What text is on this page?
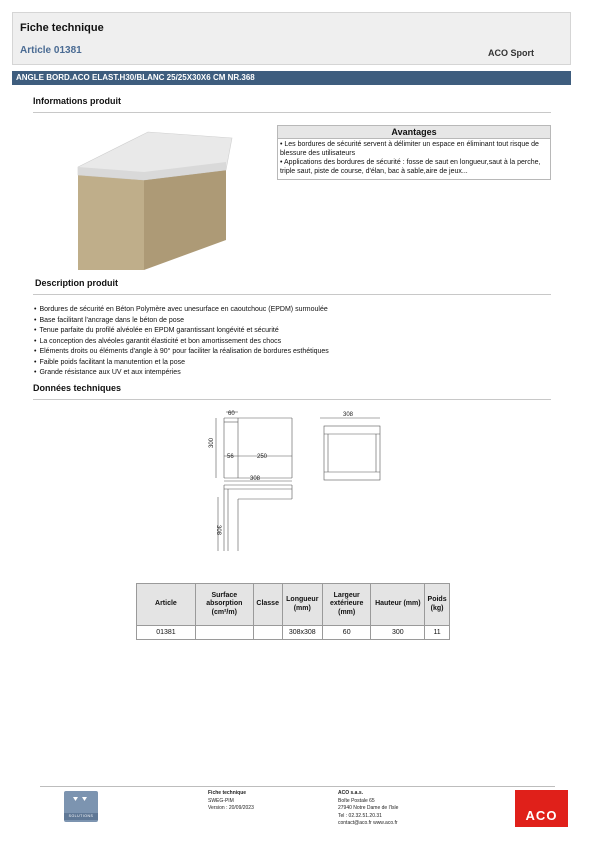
Fiche technique
Article 01381	ACO Sport
ANGLE BORD.ACO ELAST.H30/BLANC 25/25X30X6 CM NR.368
Informations produit
Avantages
• Les bordures de sécurité servent à délimiter un espace en éliminant tout risque de blessure des utilisateurs
• Applications des bordures de sécurité : fosse de saut en longueur,saut à la perche, triple saut, piste de course, d'élan, bac à sable,aire de jeux...
Description produit
• Bordures de sécurité en Béton Polymère avec unesurface en caoutchouc (EPDM) surmoulée
• Base facilitant l'ancrage dans le béton de pose
• Tenue parfaite du profilé alvéolée en EPDM garantissant longévité et sécurité
• La conception des alvéoles garantit élasticité et bon amortissement des chocs
• Eléments droits ou éléments d'angle à 90° pour faciliter la réalisation de bordures esthétiques
• Faible poids facilitant la manutention et la pose
• Grande résistance aux UV et aux intempéries
Données techniques
60
300
56	250
308
308
308
Article	Surface absorption (cm²/m)	Classe	Longueur (mm)	Largeur extérieure (mm)	Hauteur (mm)	Poids (kg)
01381			308x308	60	300	11
SOLUTIONS
Fiche technique
SWEG-PIM
Version : 20/09/2023
ACO s.a.s.
Boîte Postale 65
27940 Notre Dame de l'Isle
Tel : 02.32.51.20.31
contact@aco.fr www.aco.fr	ACO
